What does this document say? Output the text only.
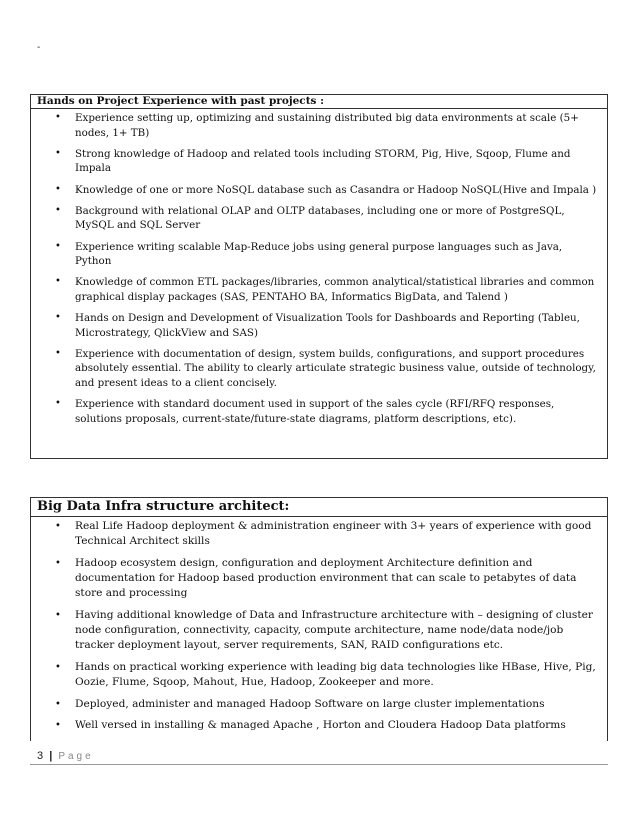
-
Hands on Project Experience with past projects :
• Experience setting up, optimizing and sustaining distributed big data environments at scale (5+ nodes, 1+ TB)
• Strong knowledge of Hadoop and related tools including STORM, Pig, Hive, Sqoop, Flume and Impala
• Knowledge of one or more NoSQL database such as Casandra or Hadoop NoSQL(Hive and Impala )
• Background with relational OLAP and OLTP databases, including one or more of PostgreSQL, MySQL and SQL Server
• Experience writing scalable Map-Reduce jobs using general purpose languages such as Java, Python
• Knowledge of common ETL packages/libraries, common analytical/statistical libraries and common graphical display packages (SAS, PENTAHO BA, Informatics BigData, and Talend )
• Hands on Design and Development of Visualization Tools for Dashboards and Reporting (Tableu, Microstrategy, QlickView and SAS)
• Experience with documentation of design, system builds, configurations, and support procedures absolutely essential. The ability to clearly articulate strategic business value, outside of technology, and present ideas to a client concisely.
• Experience with standard document used in support of the sales cycle (RFI/RFQ responses, solutions proposals, current-state/future-state diagrams, platform descriptions, etc).
Big Data Infra structure architect:
• Real Life Hadoop deployment & administration engineer with 3+ years of experience with good Technical Architect skills
• Hadoop ecosystem design, configuration and deployment Architecture definition and documentation for Hadoop based production environment that can scale to petabytes of data store and processing
• Having additional knowledge of Data and Infrastructure architecture with – designing of cluster node configuration, connectivity, capacity, compute architecture, name node/data node/job tracker deployment layout, server requirements, SAN, RAID configurations etc.
• Hands on practical working experience with leading big data technologies like HBase, Hive, Pig, Oozie, Flume, Sqoop, Mahout, Hue, Hadoop, Zookeeper and more.
• Deployed, administer and managed Hadoop Software on large cluster implementations
• Well versed in installing & managed Apache , Horton and Cloudera Hadoop Data platforms
3 | Page
